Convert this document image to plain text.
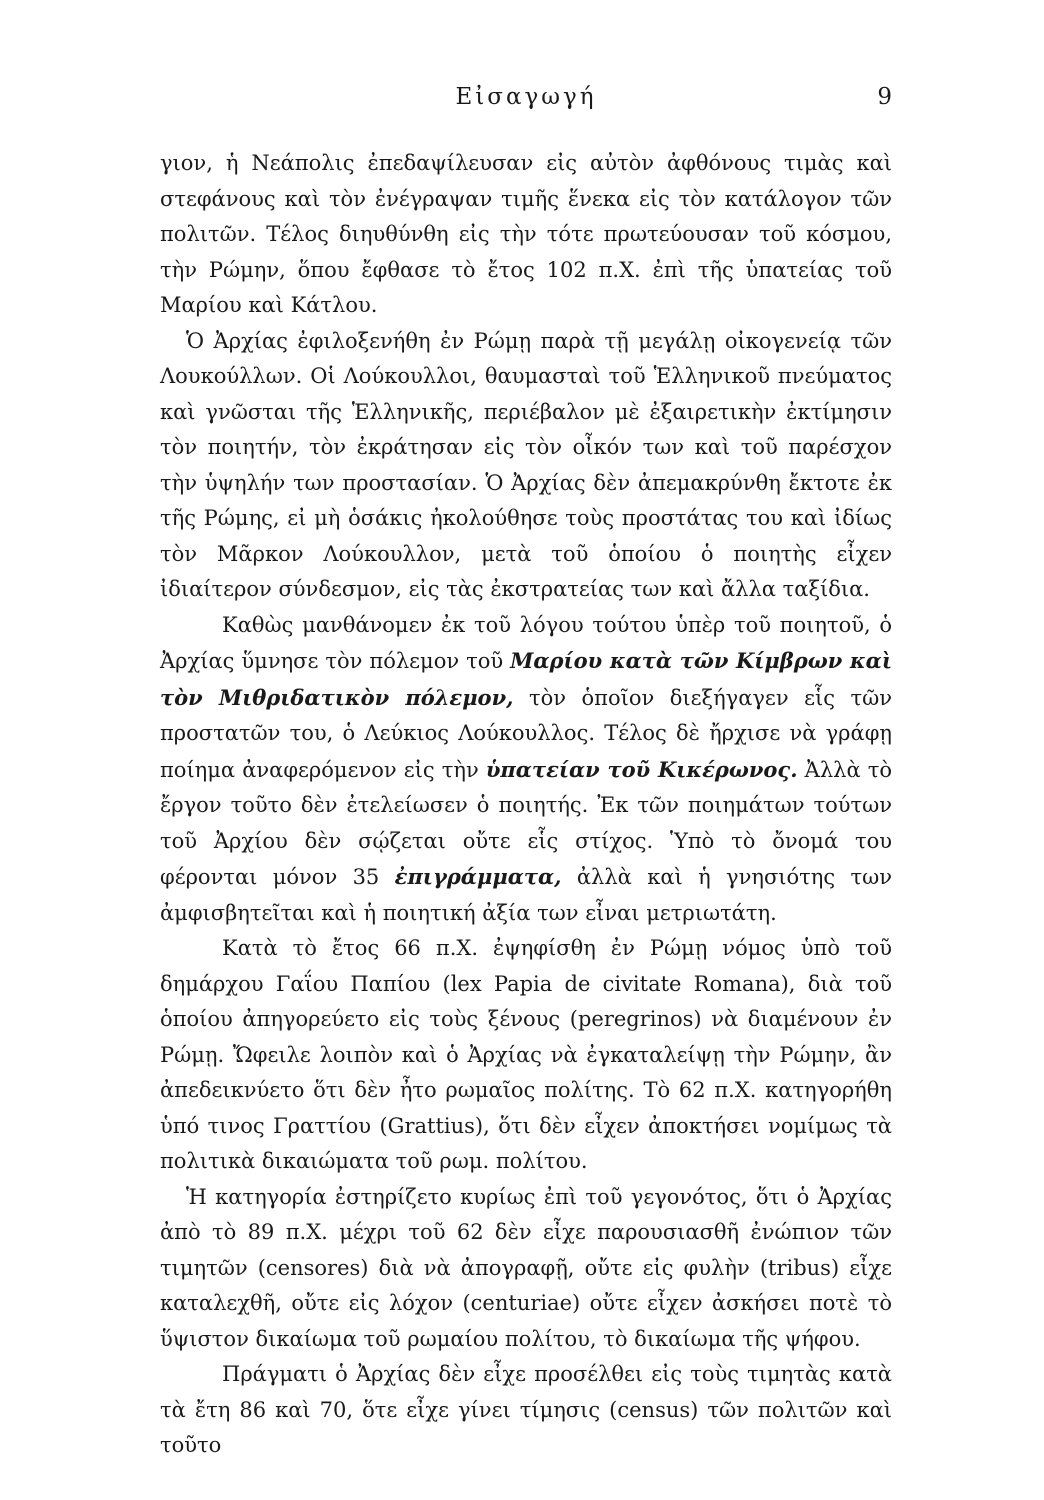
Εἰσαγωγή	9

γιον, ἡ Νεάπολις ἐπεδαψίλευσαν εἰς αὐτὸν ἀφθόνους τιμὰς καὶ στεφάνους καὶ τὸν ἐνέγραψαν τιμῆς ἕνεκα εἰς τὸν κατάλογον τῶν πολιτῶν. Τέλος διηυθύνθη εἰς τὴν τότε πρωτεύουσαν τοῦ κόσμου, τὴν Ρώμην, ὅπου ἔφθασε τὸ ἔτος 102 π.Χ. ἐπὶ τῆς ὑπατείας τοῦ Μαρίου καὶ Κάτλου.

Ὁ Ἀρχίας ἐφιλοξενήθη ἐν Ρώμῃ παρὰ τῇ μεγάλῃ οἰκογενείᾳ τῶν Λουκούλλων. Οἱ Λούκουλλοι, θαυμασταὶ τοῦ Ἑλληνικοῦ πνεύματος καὶ γνῶσται τῆς Ἑλληνικῆς, περιέβαλον μὲ ἐξαιρετικὴν ἐκτίμησιν τὸν ποιητήν, τὸν ἐκράτησαν εἰς τὸν οἶκόν των καὶ τοῦ παρέσχον τὴν ὑψηλήν των προστασίαν. Ὁ Ἀρχίας δὲν ἀπεμακρύνθη ἔκτοτε ἐκ τῆς Ρώμης, εἰ μὴ ὁσάκις ἠκολούθησε τοὺς προστάτας του καὶ ἰδίως τὸν Μᾶρκον Λούκουλλον, μετὰ τοῦ ὁποίου ὁ ποιητὴς εἶχεν ἰδιαίτερον σύνδεσμον, εἰς τὰς ἐκστρατείας των καὶ ἄλλα ταξίδια.

Καθὼς μανθάνομεν ἐκ τοῦ λόγου τούτου ὑπὲρ τοῦ ποιητοῦ, ὁ Ἀρχίας ὕμνησε τὸν πόλεμον τοῦ Μαρίου κατὰ τῶν Κίμβρων καὶ τὸν Μιθριδατικὸν πόλεμον, τὸν ὁποῖον διεξήγαγεν εἷς τῶν προστατῶν του, ὁ Λεύκιος Λούκουλλος. Τέλος δὲ ἤρχισε νὰ γράφῃ ποίημα ἀναφερόμενον εἰς τὴν ὑπατείαν τοῦ Κικέρωνος. Ἀλλὰ τὸ ἔργον τοῦτο δὲν ἐτελείωσεν ὁ ποιητής. Ἐκ τῶν ποιημάτων τούτων τοῦ Ἀρχίου δὲν σῴζεται οὔτε εἷς στίχος. Ὑπὸ τὸ ὄνομά του φέρονται μόνον 35 ἐπιγράμματα, ἀλλὰ καὶ ἡ γνησιότης των ἀμφισβητεῖται καὶ ἡ ποιητική ἀξία των εἶναι μετριωτάτη.

Κατὰ τὸ ἔτος 66 π.Χ. ἐψηφίσθη ἐν Ρώμῃ νόμος ὑπὸ τοῦ δημάρχου Γαΐου Παπίου (lex Papia de civitate Romana), διὰ τοῦ ὁποίου ἀπηγορεύετο εἰς τοὺς ξένους (peregrinos) νὰ διαμένουν ἐν Ρώμῃ. Ὤφειλε λοιπὸν καὶ ὁ Ἀρχίας νὰ ἐγκαταλείψῃ τὴν Ρώμην, ἂν ἀπεδεικνύετο ὅτι δὲν ἦτο ρωμαῖος πολίτης. Τὸ 62 π.Χ. κατηγορήθη ὑπό τινος Γραττίου (Grattius), ὅτι δὲν εἶχεν ἀποκτήσει νομίμως τὰ πολιτικὰ δικαιώματα τοῦ ρωμ. πολίτου.

Ἡ κατηγορία ἐστηρίζετο κυρίως ἐπὶ τοῦ γεγονότος, ὅτι ὁ Ἀρχίας ἀπὸ τὸ 89 π.Χ. μέχρι τοῦ 62 δὲν εἶχε παρουσιασθῆ ἐνώπιον τῶν τιμητῶν (censores) διὰ νὰ ἀπογραφῇ, οὔτε εἰς φυλὴν (tribus) εἶχε καταλεχθῆ, οὔτε εἰς λόχον (centuriae) οὔτε εἶχεν ἀσκήσει ποτὲ τὸ ὕψιστον δικαίωμα τοῦ ρωμαίου πολίτου, τὸ δικαίωμα τῆς ψήφου.

Πράγματι ὁ Ἀρχίας δὲν εἶχε προσέλθει εἰς τοὺς τιμητὰς κατὰ τὰ ἔτη 86 καὶ 70, ὅτε εἶχε γίνει τίμησις (census) τῶν πολιτῶν καὶ τοῦτο
